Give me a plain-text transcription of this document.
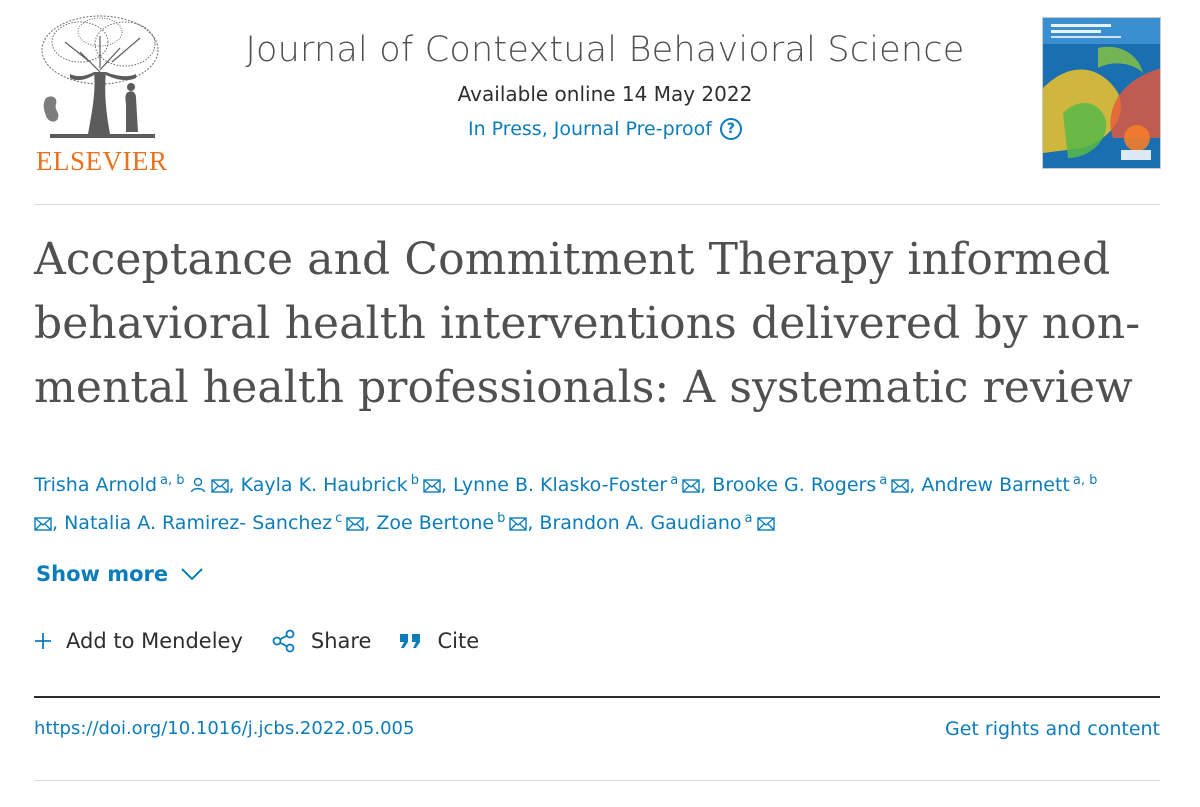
ELSEVIER
Journal of Contextual Behavioral Science
Available online 14 May 2022
In Press, Journal Pre-proof	?
Acceptance and Commitment Therapy informed behavioral health interventions delivered by non-mental health professionals: A systematic review
Trisha Arnold $^{a, b}$ , Kayla K. Haubrick $^b$ , Lynne B. Klasko-Foster $^a$ , Brooke G. Rogers $^a$ , Andrew Barnett $^{a, b}$
, Natalia A. Ramirez- Sanchez $^c$ , Zoe Bertone $^b$ , Brandon A. Gaudiano $^a$
Show more
Add to Mendeley	Share	Cite
https://doi.org/10.1016/j.jcbs.2022.05.005	Get rights and content
